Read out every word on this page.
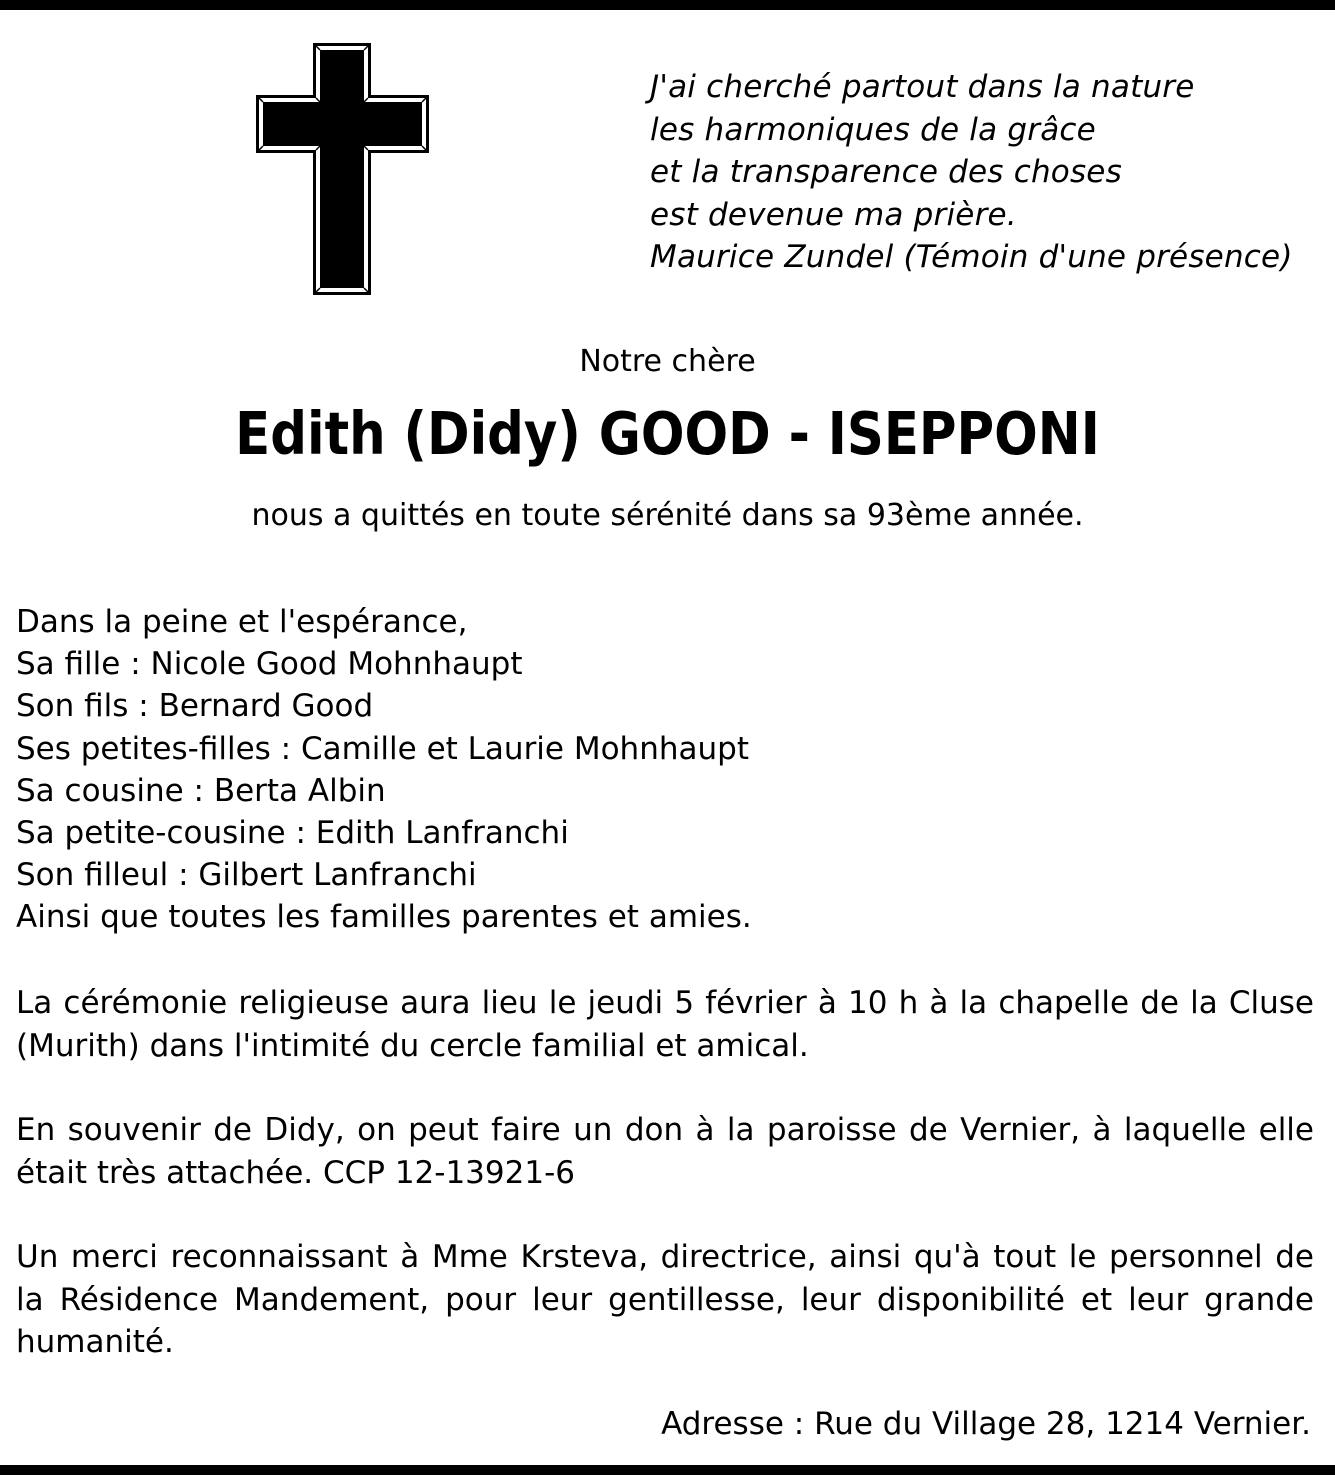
J'ai cherché partout dans la nature
les harmoniques de la grâce
et la transparence des choses
est devenue ma prière.
Maurice Zundel (Témoin d'une présence)
Notre chère
Edith (Didy) GOOD - ISEPPONI
nous a quittés en toute sérénité dans sa 93ème année.
Dans la peine et l'espérance,
Sa fille : Nicole Good Mohnhaupt
Son fils : Bernard Good
Ses petites-filles : Camille et Laurie Mohnhaupt
Sa cousine : Berta Albin
Sa petite-cousine : Edith Lanfranchi
Son filleul : Gilbert Lanfranchi
Ainsi que toutes les familles parentes et amies.
La cérémonie religieuse aura lieu le jeudi 5 février à 10 h à la chapelle de la Cluse (Murith) dans l'intimité du cercle familial et amical.
En souvenir de Didy, on peut faire un don à la paroisse de Vernier, à laquelle elle était très attachée. CCP 12-13921-6
Un merci reconnaissant à Mme Krsteva, directrice, ainsi qu'à tout le personnel de la Résidence Mandement, pour leur gentillesse, leur disponibilité et leur grande humanité.
Adresse : Rue du Village 28, 1214 Vernier.
